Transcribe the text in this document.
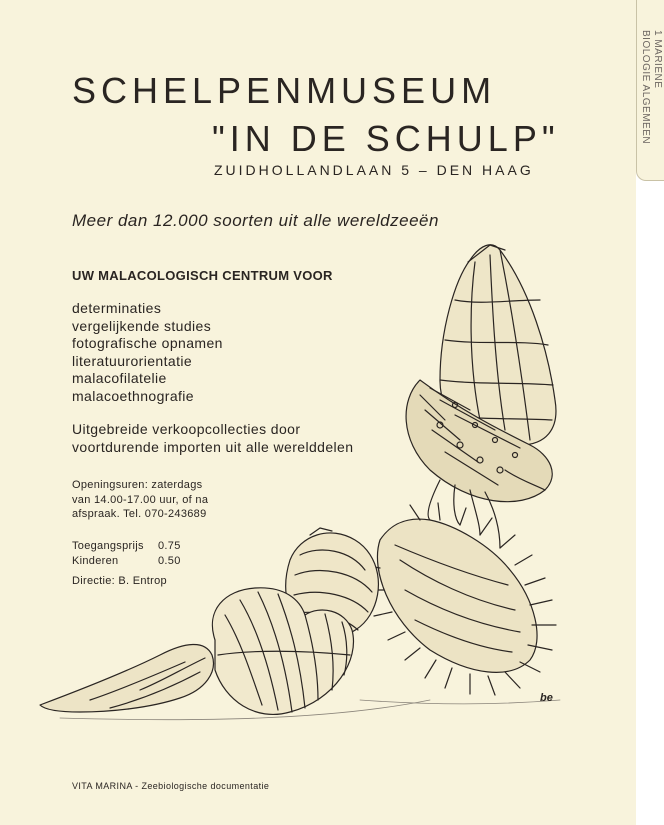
SCHELPENMUSEUM
"IN DE SCHULP"
ZUIDHOLLANDLAAN 5 – DEN HAAG
Meer dan 12.000 soorten uit alle wereldzeeën
UW MALACOLOGISCH CENTRUM VOOR
determinaties
vergelijkende studies
fotografische opnamen
literatuurorientatie
malacofilatelie
malacoethnografie
Uitgebreide verkoopcollecties door
voortdurende importen uit alle werelddelen
Openingsuren: zaterdags
van 14.00-17.00 uur, of na
afspraak. Tel. 070-243689
Toegangsprijs	0.75
Kinderen	0.50
Directie: B. Entrop
be
VITA MARINA - Zeebiologische documentatie
1 MARIENE
BIOLOGIE ALGEMEEN
